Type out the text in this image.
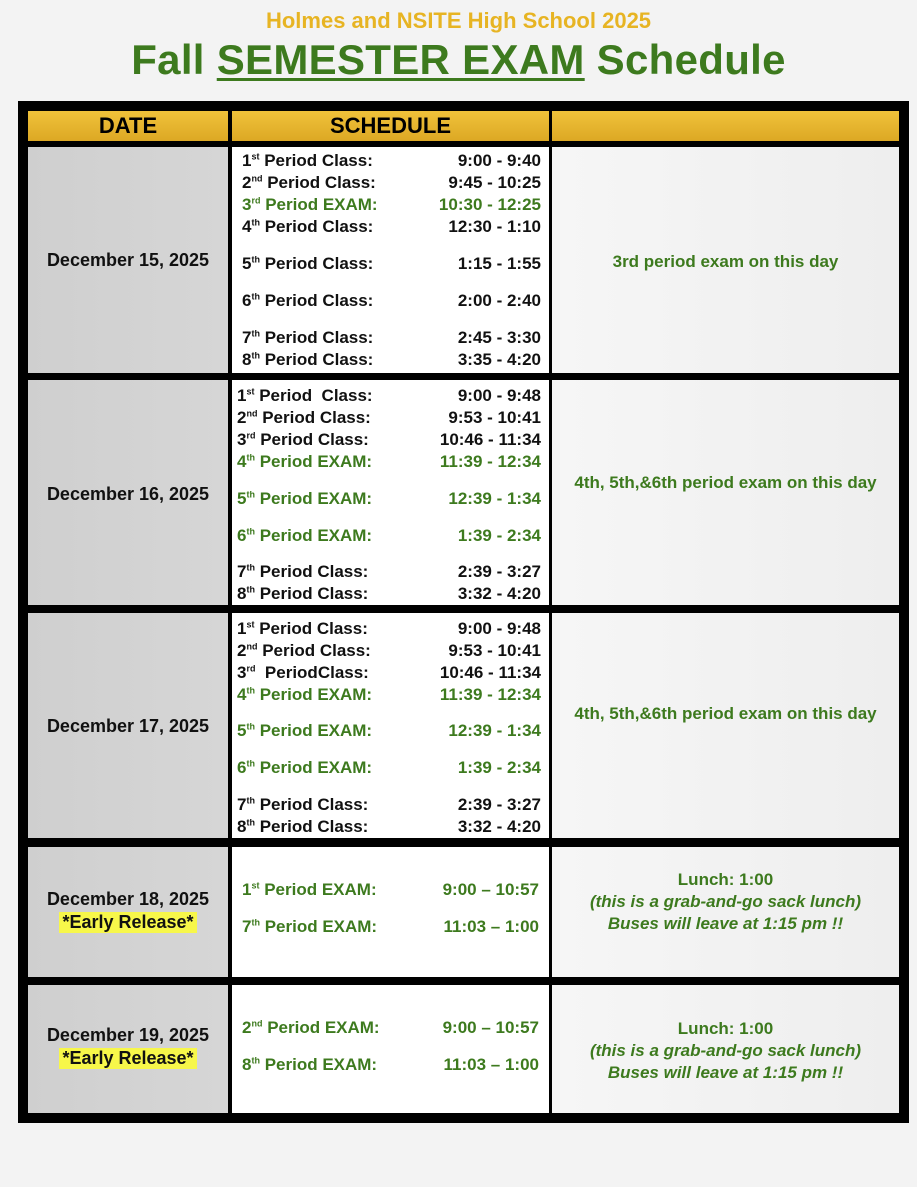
Holmes and NSITE High School 2025
Fall SEMESTER EXAM Schedule
DATE	SCHEDULE
December 15, 2025
1st Period Class:	9:00 - 9:40
2nd Period Class:	9:45 - 10:25
3rd Period EXAM:	10:30 - 12:25
4th Period Class:	12:30 - 1:10
5th Period Class:	1:15 - 1:55
6th Period Class:	2:00 - 2:40
7th Period Class:	2:45 - 3:30
8th Period Class:	3:35 - 4:20
3rd period exam on this day
December 16, 2025
1st Period  Class:	9:00 - 9:48
2nd Period Class:	9:53 - 10:41
3rd Period Class:	10:46 - 11:34
4th Period EXAM:	11:39 - 12:34
5th Period EXAM:	12:39 - 1:34
6th Period EXAM:	1:39 - 2:34
7th Period Class:	2:39 - 3:27
8th Period Class:	3:32 - 4:20
4th, 5th,&6th period exam on this day
December 17, 2025
1st Period Class:	9:00 - 9:48
2nd Period Class:	9:53 - 10:41
3rd  PeriodClass:	10:46 - 11:34
4th Period EXAM:	11:39 - 12:34
5th Period EXAM:	12:39 - 1:34
6th Period EXAM:	1:39 - 2:34
7th Period Class:	2:39 - 3:27
8th Period Class:	3:32 - 4:20
4th, 5th,&6th period exam on this day
December 18, 2025
*Early Release*
1st Period EXAM:	9:00 – 10:57
7th Period EXAM:	11:03 – 1:00
Lunch: 1:00
(this is a grab-and-go sack lunch)
Buses will leave at 1:15 pm !!
December 19, 2025
*Early Release*
2nd Period EXAM:	9:00 – 10:57
8th Period EXAM:	11:03 – 1:00
Lunch: 1:00
(this is a grab-and-go sack lunch)
Buses will leave at 1:15 pm !!
